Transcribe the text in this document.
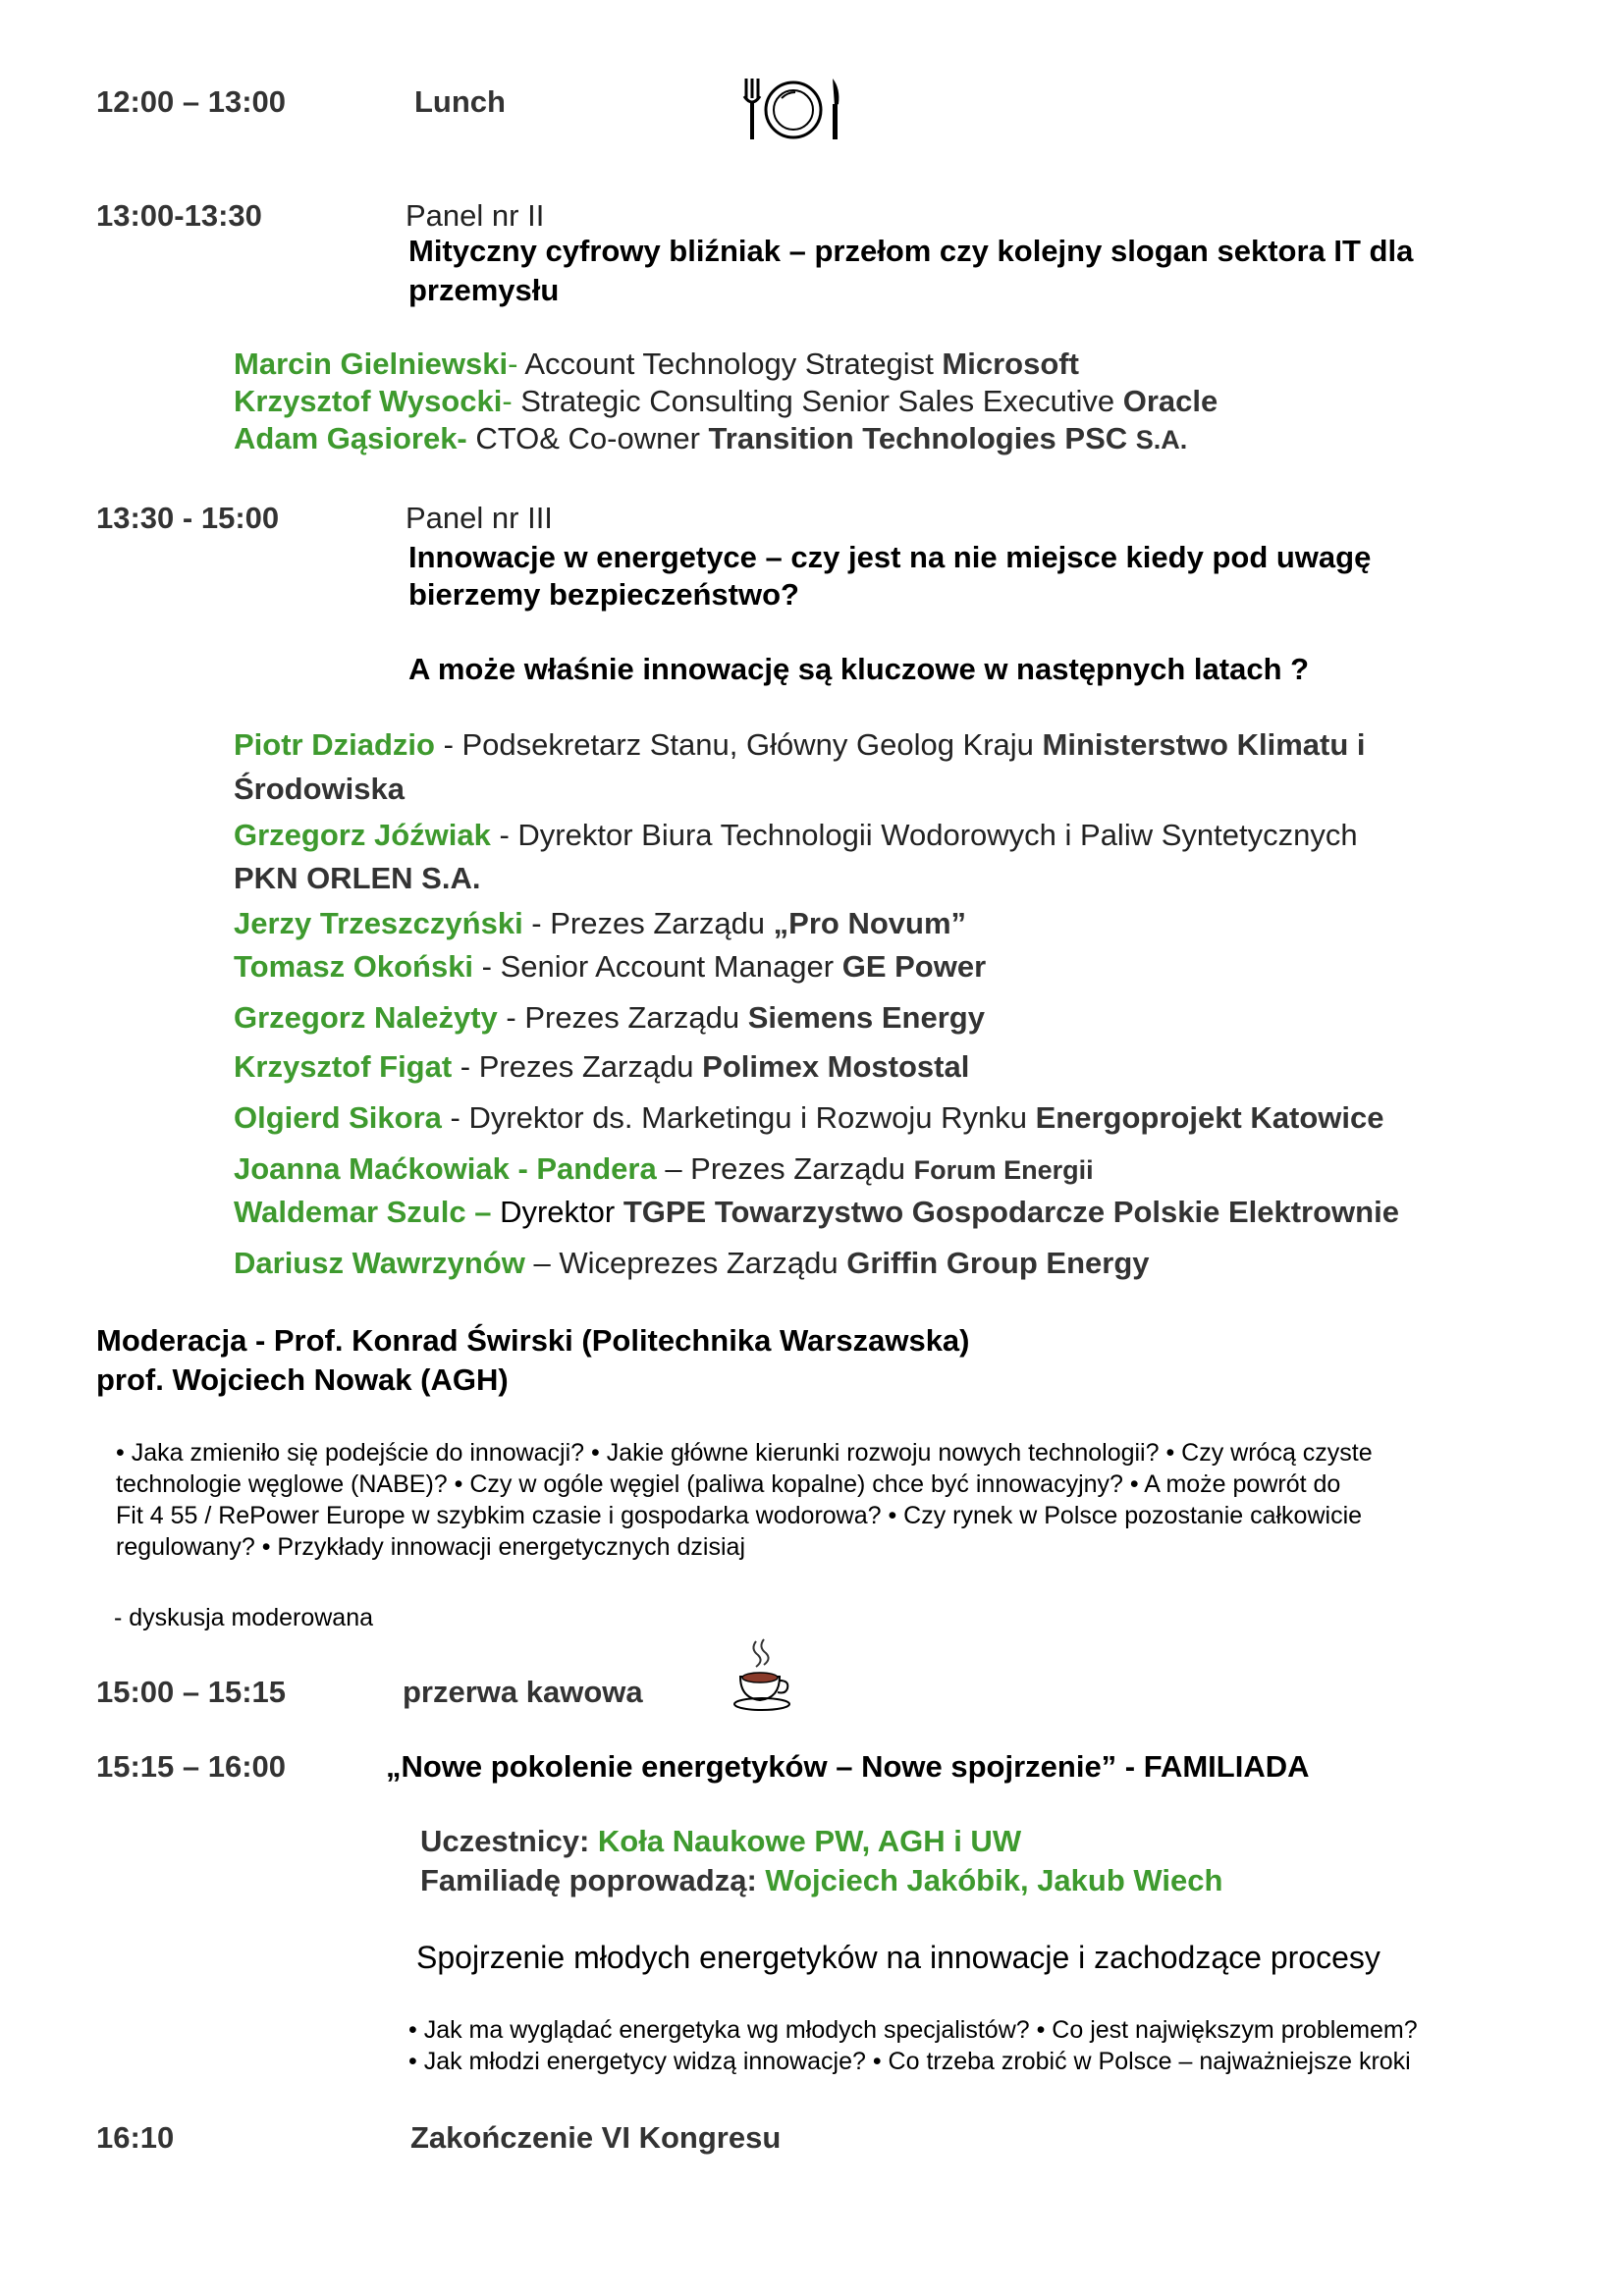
12:00 – 13:00	Lunch
13:00-13:30	Panel nr II
Mityczny cyfrowy bliźniak – przełom czy kolejny slogan sektora IT dla
przemysłu
Marcin Gielniewski- Account Technology Strategist Microsoft
Krzysztof Wysocki- Strategic Consulting Senior Sales Executive Oracle
Adam Gąsiorek- CTO& Co-owner Transition Technologies PSC S.A.
13:30 - 15:00	Panel nr III
Innowacje w energetyce – czy jest na nie miejsce kiedy pod uwagę
bierzemy bezpieczeństwo?
A może właśnie innowację są kluczowe w następnych latach ?
Piotr Dziadzio - Podsekretarz Stanu, Główny Geolog Kraju Ministerstwo Klimatu i
Środowiska
Grzegorz Jóźwiak - Dyrektor Biura Technologii Wodorowych i Paliw Syntetycznych
PKN ORLEN S.A.
Jerzy Trzeszczyński - Prezes Zarządu „Pro Novum”
Tomasz Okoński - Senior Account Manager GE Power
Grzegorz Należyty - Prezes Zarządu Siemens Energy
Krzysztof Figat - Prezes Zarządu Polimex Mostostal
Olgierd Sikora - Dyrektor ds. Marketingu i Rozwoju Rynku Energoprojekt Katowice
Joanna Maćkowiak - Pandera – Prezes Zarządu Forum Energii
Waldemar Szulc – Dyrektor TGPE Towarzystwo Gospodarcze Polskie Elektrownie
Dariusz Wawrzynów – Wiceprezes Zarządu Griffin Group Energy
Moderacja - Prof. Konrad Świrski (Politechnika Warszawska)
prof. Wojciech Nowak (AGH)
• Jaka zmieniło się podejście do innowacji? • Jakie główne kierunki rozwoju nowych technologii? • Czy wrócą czyste
technologie węglowe (NABE)? • Czy w ogóle węgiel (paliwa kopalne) chce być innowacyjny? • A może powrót do
Fit 4 55 / RePower Europe w szybkim czasie i gospodarka wodorowa? • Czy rynek w Polsce pozostanie całkowicie
regulowany? • Przykłady innowacji energetycznych dzisiaj
- dyskusja moderowana
15:00 – 15:15	przerwa kawowa
15:15 – 16:00	„Nowe pokolenie energetyków – Nowe spojrzenie” - FAMILIADA
Uczestnicy: Koła Naukowe PW, AGH i UW
Familiadę poprowadzą: Wojciech Jakóbik, Jakub Wiech
Spojrzenie młodych energetyków na innowacje i zachodzące procesy
• Jak ma wyglądać energetyka wg młodych specjalistów? • Co jest największym problemem?
• Jak młodzi energetycy widzą innowacje? • Co trzeba zrobić w Polsce – najważniejsze kroki
16:10	Zakończenie VI Kongresu
